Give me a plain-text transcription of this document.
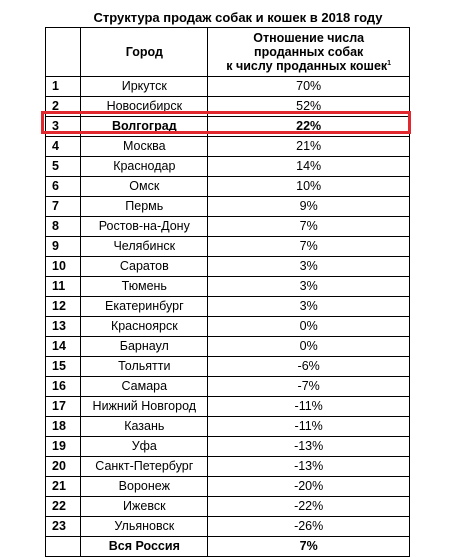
Структура продаж собак и кошек в 2018 году
	Город	Отношение числа
проданных собак
к числу проданных кошек$^1$
1	Иркутск	70%
2	Новосибирск	52%
3	Волгоград	22%
4	Москва	21%
5	Краснодар	14%
6	Омск	10%
7	Пермь	9%
8	Ростов-на-Дону	7%
9	Челябинск	7%
10	Саратов	3%
11	Тюмень	3%
12	Екатеринбург	3%
13	Красноярск	0%
14	Барнаул	0%
15	Тольятти	-6%
16	Самара	-7%
17	Нижний Новгород	-11%
18	Казань	-11%
19	Уфа	-13%
20	Санкт-Петербург	-13%
21	Воронеж	-20%
22	Ижевск	-22%
23	Ульяновск	-26%
	Вся Россия	7%
